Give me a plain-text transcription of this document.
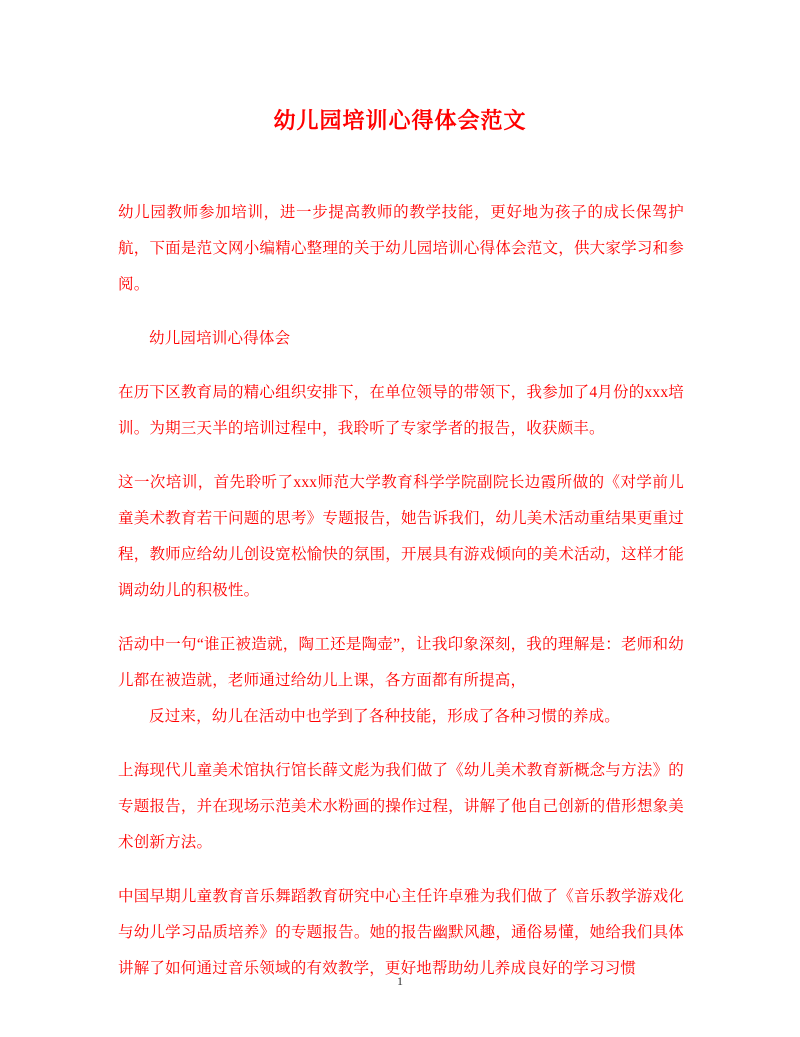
幼儿园培训心得体会范文

幼儿园教师参加培训，进一步提高教师的教学技能，更好地为孩子的成长保驾护航，下面是范文网小编精心整理的关于幼儿园培训心得体会范文，供大家学习和参阅。

幼儿园培训心得体会

在历下区教育局的精心组织安排下，在单位领导的带领下，我参加了4月份的xxx培训。为期三天半的培训过程中，我聆听了专家学者的报告，收获颇丰。

这一次培训，首先聆听了xxx师范大学教育科学学院副院长边霞所做的《对学前儿童美术教育若干问题的思考》专题报告，她告诉我们，幼儿美术活动重结果更重过程，教师应给幼儿创设宽松愉快的氛围，开展具有游戏倾向的美术活动，这样才能调动幼儿的积极性。

活动中一句“谁正被造就，陶工还是陶壶”，让我印象深刻，我的理解是：老师和幼儿都在被造就，老师通过给幼儿上课，各方面都有所提高，

反过来，幼儿在活动中也学到了各种技能，形成了各种习惯的养成。

上海现代儿童美术馆执行馆长薛文彪为我们做了《幼儿美术教育新概念与方法》的专题报告，并在现场示范美术水粉画的操作过程，讲解了他自己创新的借形想象美术创新方法。

中国早期儿童教育音乐舞蹈教育研究中心主任许卓雅为我们做了《音乐教学游戏化与幼儿学习品质培养》的专题报告。她的报告幽默风趣，通俗易懂，她给我们具体讲解了如何通过音乐领域的有效教学，更好地帮助幼儿养成良好的学习习惯

1
